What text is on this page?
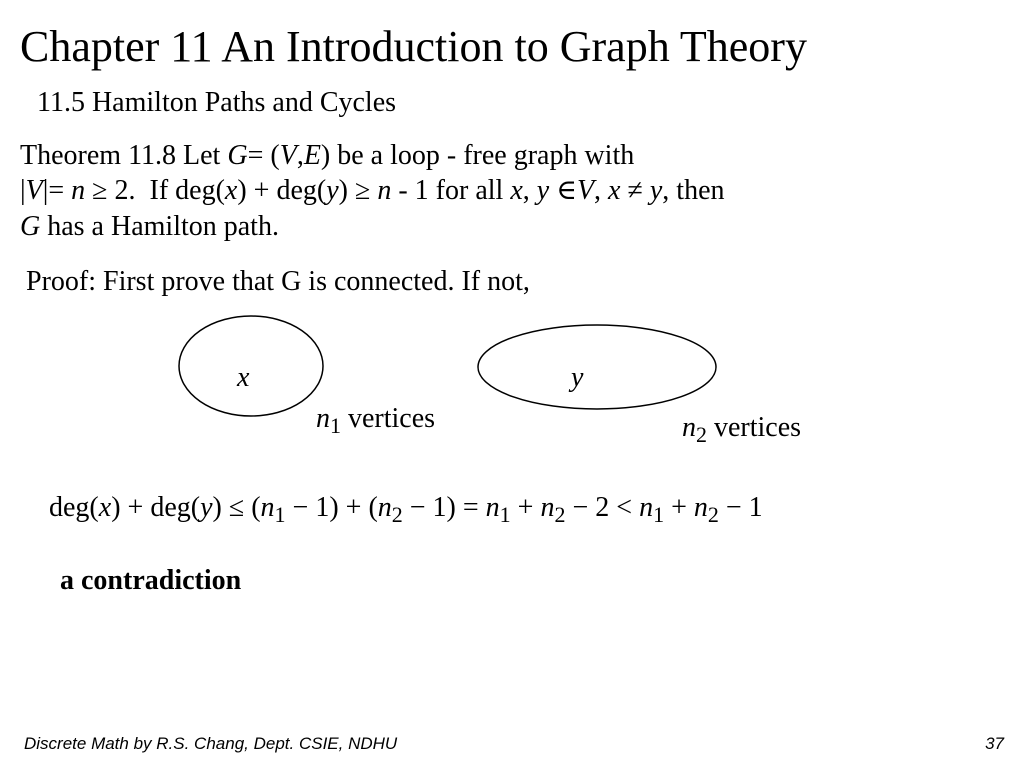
Chapter 11 An Introduction to Graph Theory
11.5 Hamilton Paths and Cycles
Theorem 11.8 Let G= (V,E) be a loop - free graph with
|V|= n ≥ 2. If deg(x) + deg(y) ≥ n - 1 for all x, y ∈V, x ≠ y, then
G has a Hamilton path.
Proof: First prove that G is connected. If not,
x	y
$n_1$ vertices	$n_2$ vertices
$deg(x) + deg(y) \le (n_1 - 1) + (n_2 - 1) = n_1 + n_2 - 2 < n_1 + n_2 - 1$
a contradiction
Discrete Math by R.S. Chang, Dept. CSIE, NDHU	37
